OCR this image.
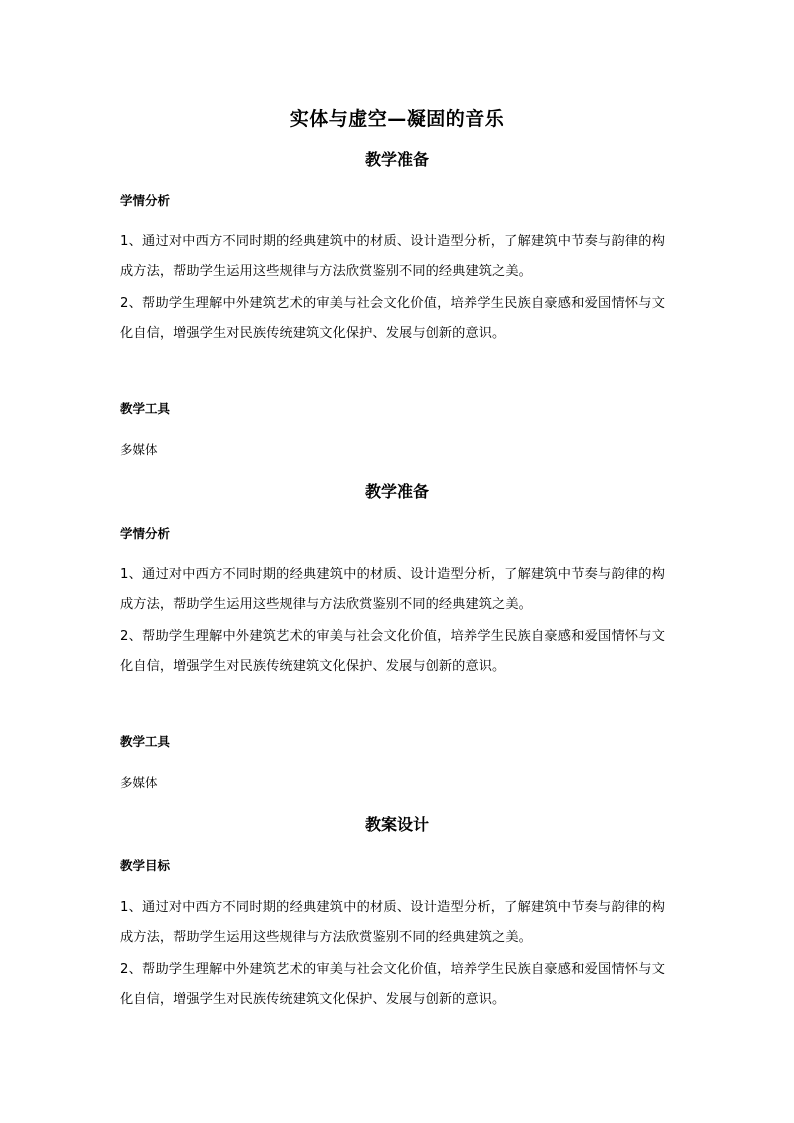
实体与虚空—凝固的音乐
教学准备
学情分析
1、通过对中西方不同时期的经典建筑中的材质、设计造型分析，了解建筑中节奏与韵律的构成方法，帮助学生运用这些规律与方法欣赏鉴别不同的经典建筑之美。
2、帮助学生理解中外建筑艺术的审美与社会文化价值，培养学生民族自豪感和爱国情怀与文化自信，增强学生对民族传统建筑文化保护、发展与创新的意识。
教学工具
多媒体
教学准备
学情分析
1、通过对中西方不同时期的经典建筑中的材质、设计造型分析，了解建筑中节奏与韵律的构成方法，帮助学生运用这些规律与方法欣赏鉴别不同的经典建筑之美。
2、帮助学生理解中外建筑艺术的审美与社会文化价值，培养学生民族自豪感和爱国情怀与文化自信，增强学生对民族传统建筑文化保护、发展与创新的意识。
教学工具
多媒体
教案设计
教学目标
1、通过对中西方不同时期的经典建筑中的材质、设计造型分析，了解建筑中节奏与韵律的构成方法，帮助学生运用这些规律与方法欣赏鉴别不同的经典建筑之美。
2、帮助学生理解中外建筑艺术的审美与社会文化价值，培养学生民族自豪感和爱国情怀与文化自信，增强学生对民族传统建筑文化保护、发展与创新的意识。
